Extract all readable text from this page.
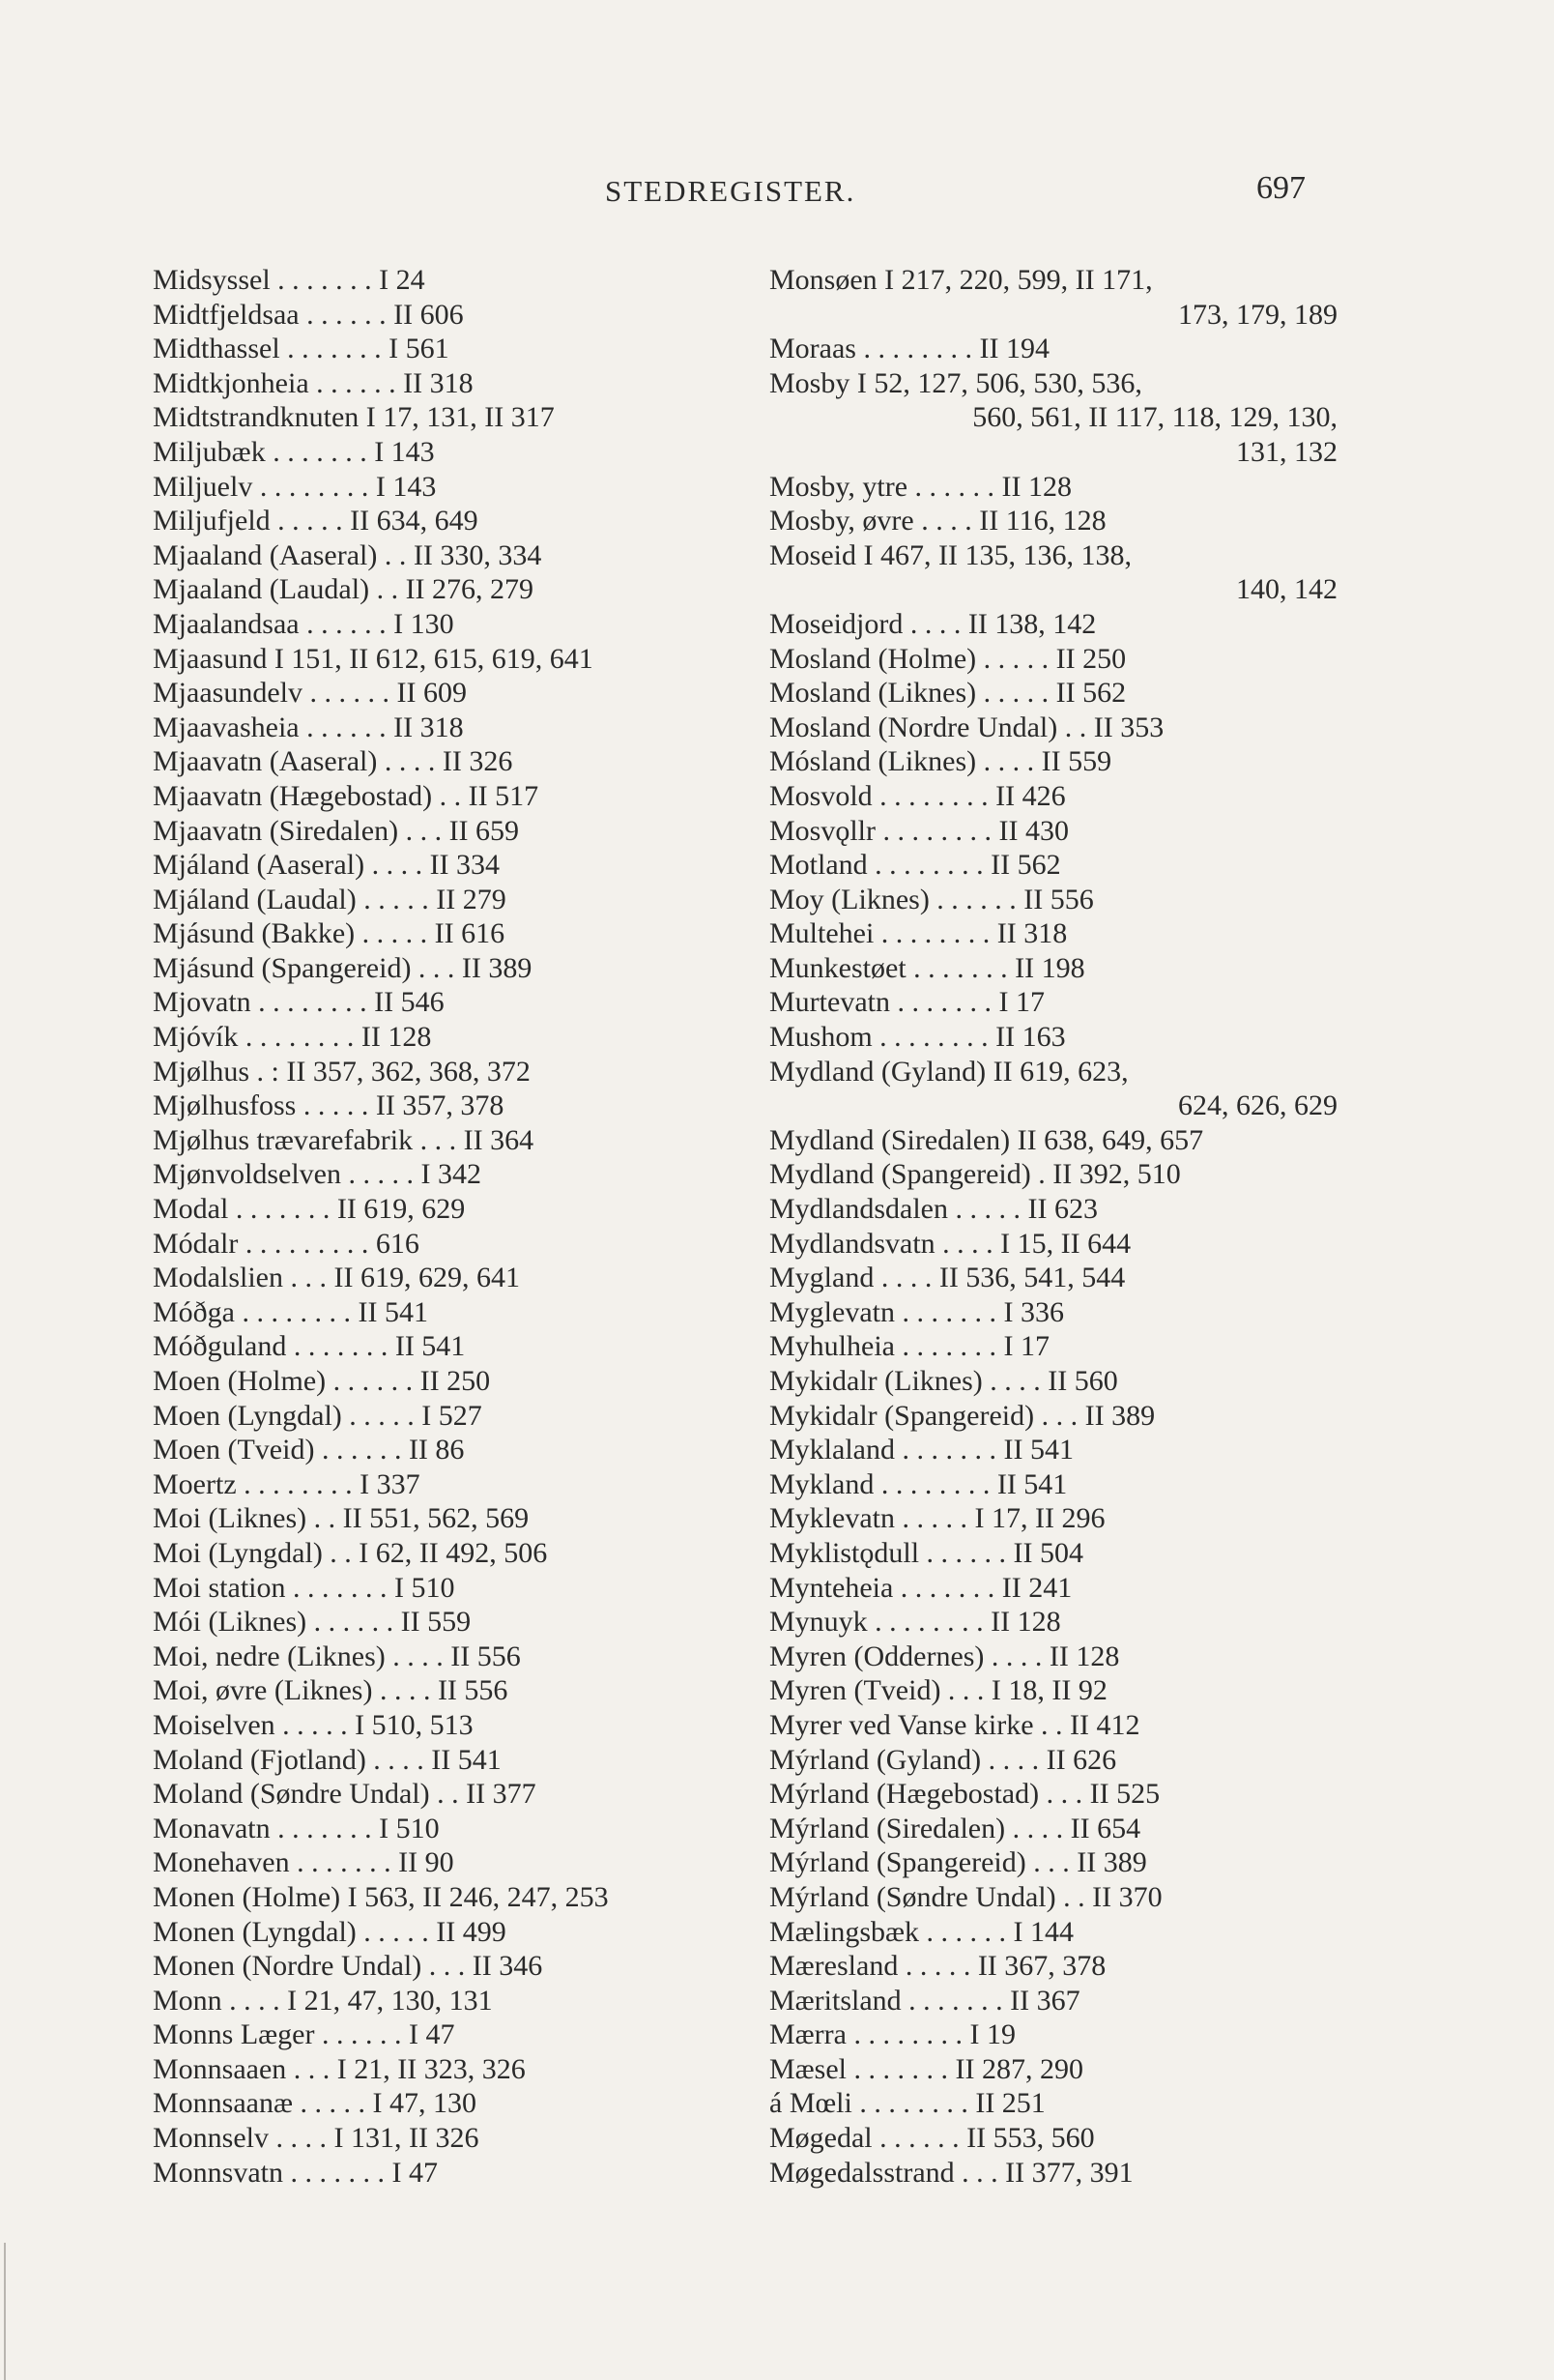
STEDREGISTER.	697
Midsyssel . . . . . . . I 24
Midtfjeldsaa . . . . . . II 606
Midthassel . . . . . . . I 561
Midtkjonheia . . . . . . II 318
Midtstrandknuten I 17, 131, II 317
Miljubæk . . . . . . . I 143
Miljuelv . . . . . . . . I 143
Miljufjeld . . . . . II 634, 649
Mjaaland (Aaseral) . . II 330, 334
Mjaaland (Laudal) . . II 276, 279
Mjaalandsaa . . . . . . I 130
Mjaasund I 151, II 612, 615, 619, 641
Mjaasundelv . . . . . . II 609
Mjaavasheia . . . . . . II 318
Mjaavatn (Aaseral) . . . . II 326
Mjaavatn (Hægebostad) . . II 517
Mjaavatn (Siredalen) . . . II 659
Mjáland (Aaseral) . . . . II 334
Mjáland (Laudal) . . . . . II 279
Mjásund (Bakke) . . . . . II 616
Mjásund (Spangereid) . . . II 389
Mjovatn . . . . . . . . II 546
Mjóvík . . . . . . . . II 128
Mjølhus . : II 357, 362, 368, 372
Mjølhusfoss . . . . . II 357, 378
Mjølhus trævarefabrik . . . II 364
Mjønvoldselven . . . . . I 342
Modal . . . . . . . II 619, 629
Módalr . . . . . . . . . 616
Modalslien . . . II 619, 629, 641
Móðga . . . . . . . . II 541
Móðguland . . . . . . . II 541
Moen (Holme) . . . . . . II 250
Moen (Lyngdal) . . . . . I 527
Moen (Tveid) . . . . . . II 86
Moertz . . . . . . . . I 337
Moi (Liknes) . . II 551, 562, 569
Moi (Lyngdal) . . I 62, II 492, 506
Moi station . . . . . . . I 510
Mói (Liknes) . . . . . . II 559
Moi, nedre (Liknes) . . . . II 556
Moi, øvre (Liknes) . . . . II 556
Moiselven . . . . . I 510, 513
Moland (Fjotland) . . . . II 541
Moland (Søndre Undal) . . II 377
Monavatn . . . . . . . I 510
Monehaven . . . . . . . II 90
Monen (Holme) I 563, II 246, 247, 253
Monen (Lyngdal) . . . . . II 499
Monen (Nordre Undal) . . . II 346
Monn . . . . I 21, 47, 130, 131
Monns Læger . . . . . . I 47
Monnsaaen . . . I 21, II 323, 326
Monnsaanæ . . . . . I 47, 130
Monnselv . . . . I 131, II 326
Monnsvatn . . . . . . . I 47
Monsøen I 217, 220, 599, II 171,
173, 179, 189
Moraas . . . . . . . . II 194
Mosby I 52, 127, 506, 530, 536,
560, 561, II 117, 118, 129, 130,
131, 132
Mosby, ytre . . . . . . II 128
Mosby, øvre . . . . II 116, 128
Moseid I 467, II 135, 136, 138,
140, 142
Moseidjord . . . . II 138, 142
Mosland (Holme) . . . . . II 250
Mosland (Liknes) . . . . . II 562
Mosland (Nordre Undal) . . II 353
Mósland (Liknes) . . . . II 559
Mosvold . . . . . . . . II 426
Mosvǫllr . . . . . . . . II 430
Motland . . . . . . . . II 562
Moy (Liknes) . . . . . . II 556
Multehei . . . . . . . . II 318
Munkestøet . . . . . . . II 198
Murtevatn . . . . . . . I 17
Mushom . . . . . . . . II 163
Mydland (Gyland) II 619, 623,
624, 626, 629
Mydland (Siredalen) II 638, 649, 657
Mydland (Spangereid) . II 392, 510
Mydlandsdalen . . . . . II 623
Mydlandsvatn . . . . I 15, II 644
Mygland . . . . II 536, 541, 544
Myglevatn . . . . . . . I 336
Myhulheia . . . . . . . I 17
Mykidalr (Liknes) . . . . II 560
Mykidalr (Spangereid) . . . II 389
Myklaland . . . . . . . II 541
Mykland . . . . . . . . II 541
Myklevatn . . . . . I 17, II 296
Myklistǫdull . . . . . . II 504
Mynteheia . . . . . . . II 241
Mynuyk . . . . . . . . II 128
Myren (Oddernes) . . . . II 128
Myren (Tveid) . . . I 18, II 92
Myrer ved Vanse kirke . . II 412
Mýrland (Gyland) . . . . II 626
Mýrland (Hægebostad) . . . II 525
Mýrland (Siredalen) . . . . II 654
Mýrland (Spangereid) . . . II 389
Mýrland (Søndre Undal) . . II 370
Mælingsbæk . . . . . . I 144
Mæresland . . . . . II 367, 378
Mæritsland . . . . . . . II 367
Mærra . . . . . . . . I 19
Mæsel . . . . . . . II 287, 290
á Mœli . . . . . . . . II 251
Møgedal . . . . . . II 553, 560
Møgedalsstrand . . . II 377, 391
